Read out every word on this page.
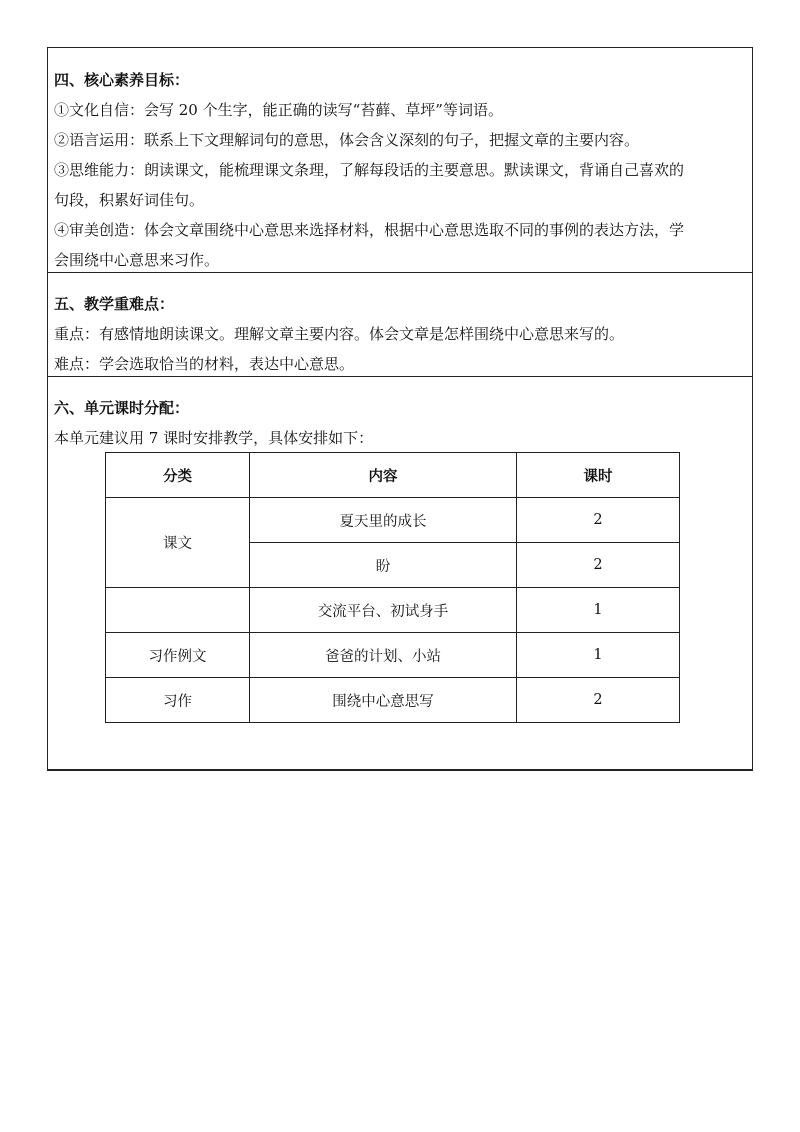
四、核心素养目标：
①文化自信：会写 20 个生字，能正确的读写“苔藓、草坪”等词语。
②语言运用：联系上下文理解词句的意思，体会含义深刻的句子，把握文章的主要内容。
③思维能力：朗读课文，能梳理课文条理，了解每段话的主要意思。默读课文，背诵自己喜欢的
句段，积累好词佳句。
④审美创造：体会文章围绕中心意思来选择材料，根据中心意思选取不同的事例的表达方法，学
会围绕中心意思来习作。
五、教学重难点：
重点：有感情地朗读课文。理解文章主要内容。体会文章是怎样围绕中心意思来写的。
难点：学会选取恰当的材料，表达中心意思。
六、单元课时分配：
本单元建议用 7 课时安排教学，具体安排如下：
分类	内容	课时
课文	夏天里的成长	2
	盼	2
	交流平台、初试身手	1
习作例文	爸爸的计划、小站	1
习作	围绕中心意思写	2
